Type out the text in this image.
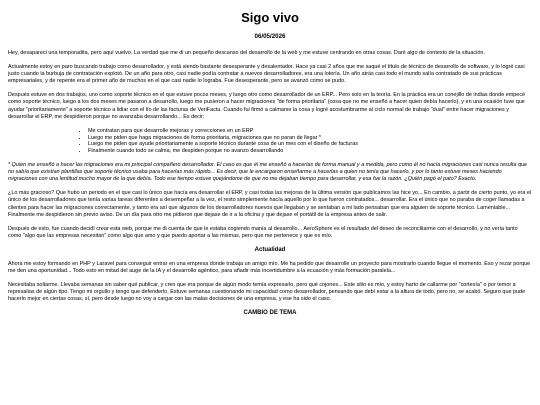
Sigo vivo
06/05/2026

Hey, desapareci una temporadita, pero aquí vuelvo. La verdad que me di un pequeño descanso del desarrollo de la web y me estuve centrando en otras cosas. Daré algo de contexto de la situación.

Actualmente estoy en paro buscando trabajo como desarrollador, y está siendo bastante desesperante y desalentador. Hace ya casi 2 años que me saqué el título de técnico de desarrollo de software, y lo logré casi justo cuando la burbuja de contratación explotó. De un año para otro, casi nadie podía contratar a nuevos desarrolladores, era una lotería. Un año atrás casi todo el mundo salía contratado de sus prácticas empresariales, y de repente era el primer año de muchos en el que casi nadie lo lograba. Fue desesperante, pero se avanzó como se pudo.

Después estuve en dos trabajos, uno como soporte técnico en el que estuve pocos meses, y luego otro como desarrollador de un ERP... Pero solo en la teoría. En la práctica era un conejillo de indias donde empecé como soporte técnico, luego a los dos meses me pasaron a desarrollo, luego me pusieron a hacer migraciones "de forma prioritaria" (cosa que no me enseñó a hacer quien debía hacerlo), y en una ocasión tuve que ayudar "prioritariamente" a soporte técnico a lidiar con el lío de las facturas de VeriFactu. Cuando fui firmó a calmarse la cosa y logré acostumbrarme al ciclo normal de trabajo "dual" entre hacer migraciones y desarrollar el ERP, me despidieron porque no avanzaba desarrollando... Es decir:

• Me contratan para que desarrolle mejoras y correcciones en un ERP
• Luego me piden que haga migraciones de forma prioritaria, migraciones que no paran de llegar *
• Luego me piden que ayude prioritariamente a soporte técnico durante cosa de un mes con el diseño de facturas
• Finalmente cuando todo se calma, me despiden porque no avanzo desarrollando

* Quien me enseñó a hacer las migraciones era mi principal compañero desarrollador. El caso es que él me enseñó a hacerlas de forma manual y a medida, pero como él no hacía migraciones casi nunca resulta que no sabía que existían plantillas que soporte técnico usaba para hacerlas más rápido... Es decir, que le encargaron enseñarme a hacerlas a quien no tenía que hacerlo, y por lo tanto estuve meses haciendo migraciones con una lentitud mucho mayor de la que debía. Todo ese tiempo estuve quejándome de que no me dejaban tiempo para desarrollar, y esa fue la razón. ¿Quién pagó el pato? Exacto.

¿Lo más gracioso? Que hubo un periodo en el que casi lo único que hacía era desarrollar el ERP, y casi todas las mejoras de la última versión que publicamos las hice yo... En cambio, a partir de cierto punto, yo era el único de los desarrolladores que tenía varias tareas diferentes a desempeñar a la vez, el resto simplemente hacía aquello por lo que fueron contratados... desarrollar. Era el único que no paraba de coger llamadas a clientes para hacer las migraciones correctamente, y tanto era así que algunos de los desarrolladores nuevos que llegaban y se sentaban a mi lado pensaban que era alguien de soporte técnico. Lamentable... Finalmente me despidieron sin previo aviso. De un día para otro me pidieron que dejase de ir a la oficina y que dejase el portátil de la empresa antes de salir.

Después de esto, fue cuando decidí crear esta web, porque me di cuenta de que le estaba cogiendo manía al desarrollo... AeroSphere es el resultado del deseo de reconciliarme con el desarrollo, y no vería tanto como "algo que las empresas necesitan" como algo que amo y que puedo aportar a las mismas, pero que me pertenece y que es mío.

Actualidad

Ahora me estoy formando en PHP y Laravel para conseguir entrar en una empresa donde trabaja un amigo mío. Me ha pedido que desarrolle un proyecto para mostrarlo cuando llegue el momento. Eso y rezar porque me den una oportunidad... Todo esto en mitad del auge de la IA y el desarrollo agéntico, para añadir más incertidumbre a la ecuación y más formación paralela...

Necesitaba soltarme. Llevaba semanas sin saber qué publicar, y creo que era porque de algún modo temía expresarlo, pero qué cojones... Este sitio es mío, y estoy harto de callarme por "cortesía" o por temor a represalias de algún tipo. Tengo mi orgullo y tengo que defenderlo. Estuve semanas cuestionando mi capacidad como desarrollador, pensando que debí estar a la altura de todo, pero no, se acabó. Seguro que pude hacerlo mejor en ciertas cosas, sí, pero desde luego no voy a cargar con las malas decisiones de una empresa, y ese ha sido el caso.

CAMBIO DE TEMA
